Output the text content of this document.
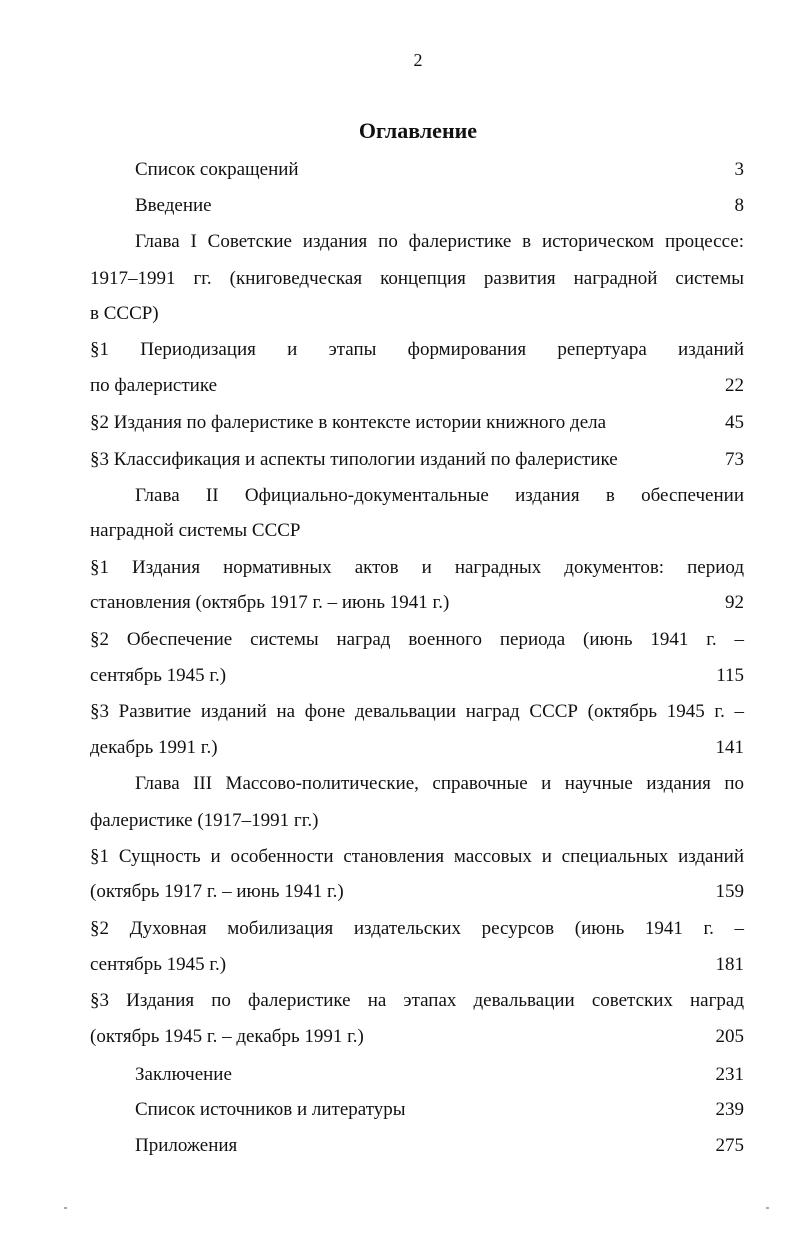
2
Оглавление
Список сокращений	3
Введение	8
Глава I Советские издания по фалеристике в историческом процессе:
1917–1991 гг. (книговедческая концепция развития наградной системы
в СССР)
§1 Периодизация и этапы формирования репертуара изданий
по фалеристике	22
§2 Издания по фалеристике в контексте истории книжного дела	45
§3 Классификация и аспекты типологии изданий по фалеристике	73
Глава II Официально-документальные издания в обеспечении
наградной системы СССР
§1 Издания нормативных актов и наградных документов: период
становления (октябрь 1917 г. – июнь 1941 г.)	92
§2 Обеспечение системы наград военного периода (июнь 1941 г. –
сентябрь 1945 г.)	115
§3 Развитие изданий на фоне девальвации наград СССР (октябрь 1945 г. –
декабрь 1991 г.)	141
Глава III Массово-политические, справочные и научные издания по
фалеристике (1917–1991 гг.)
§1 Сущность и особенности становления массовых и специальных изданий
(октябрь 1917 г. – июнь 1941 г.)	159
§2 Духовная мобилизация издательских ресурсов (июнь 1941 г. –
сентябрь 1945 г.)	181
§3 Издания по фалеристике на этапах девальвации советских наград
(октябрь 1945 г. – декабрь 1991 г.)	205
Заключение	231
Список источников и литературы	239
Приложения	275
